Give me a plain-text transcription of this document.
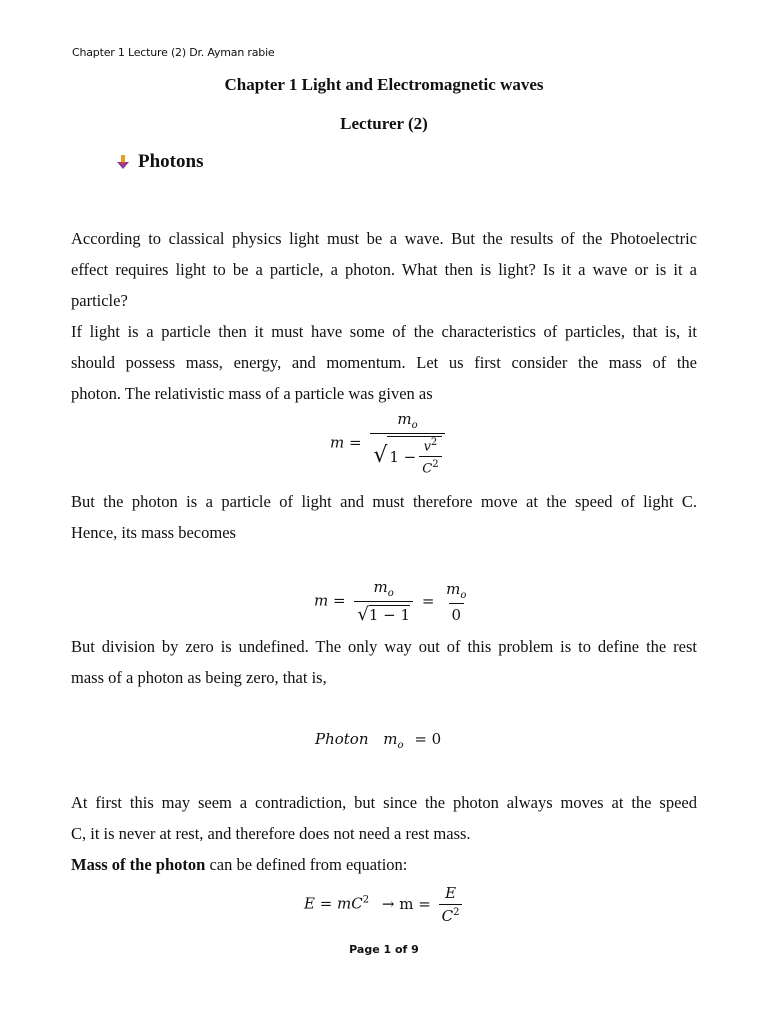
Chapter 1 Lecture (2) Dr. Ayman rabie
Chapter 1 Light and Electromagnetic waves
Lecturer (2)
Photons
According to classical physics light must be a wave. But the results of the Photoelectric
effect requires light to be a particle, a photon. What then is light? Is it a wave or is it a
particle?
If light is a particle then it must have some of the characteristics of particles, that is, it
should possess mass, energy, and momentum. Let us first consider the mass of the
photon. The relativistic mass of a particle was given as
$m = \frac{m_o}{√ 1 - \frac{v^2}{C^2}}$
But the photon is a particle of light and must therefore move at the speed of light C.
Hence, its mass becomes
$m = \frac{m_o}{√ 1 - 1} = \frac{m_o}{0}$
But division by zero is undefined. The only way out of this problem is to define the rest
mass of a photon as being zero, that is,
Photon $m_o = 0$
At first this may seem a contradiction, but since the photon always moves at the speed
C, it is never at rest, and therefore does not need a rest mass.
Mass of the photon can be defined from equation:
$E = mC^2 \to m = \frac{E}{C^2}$
Page 1 of 9
